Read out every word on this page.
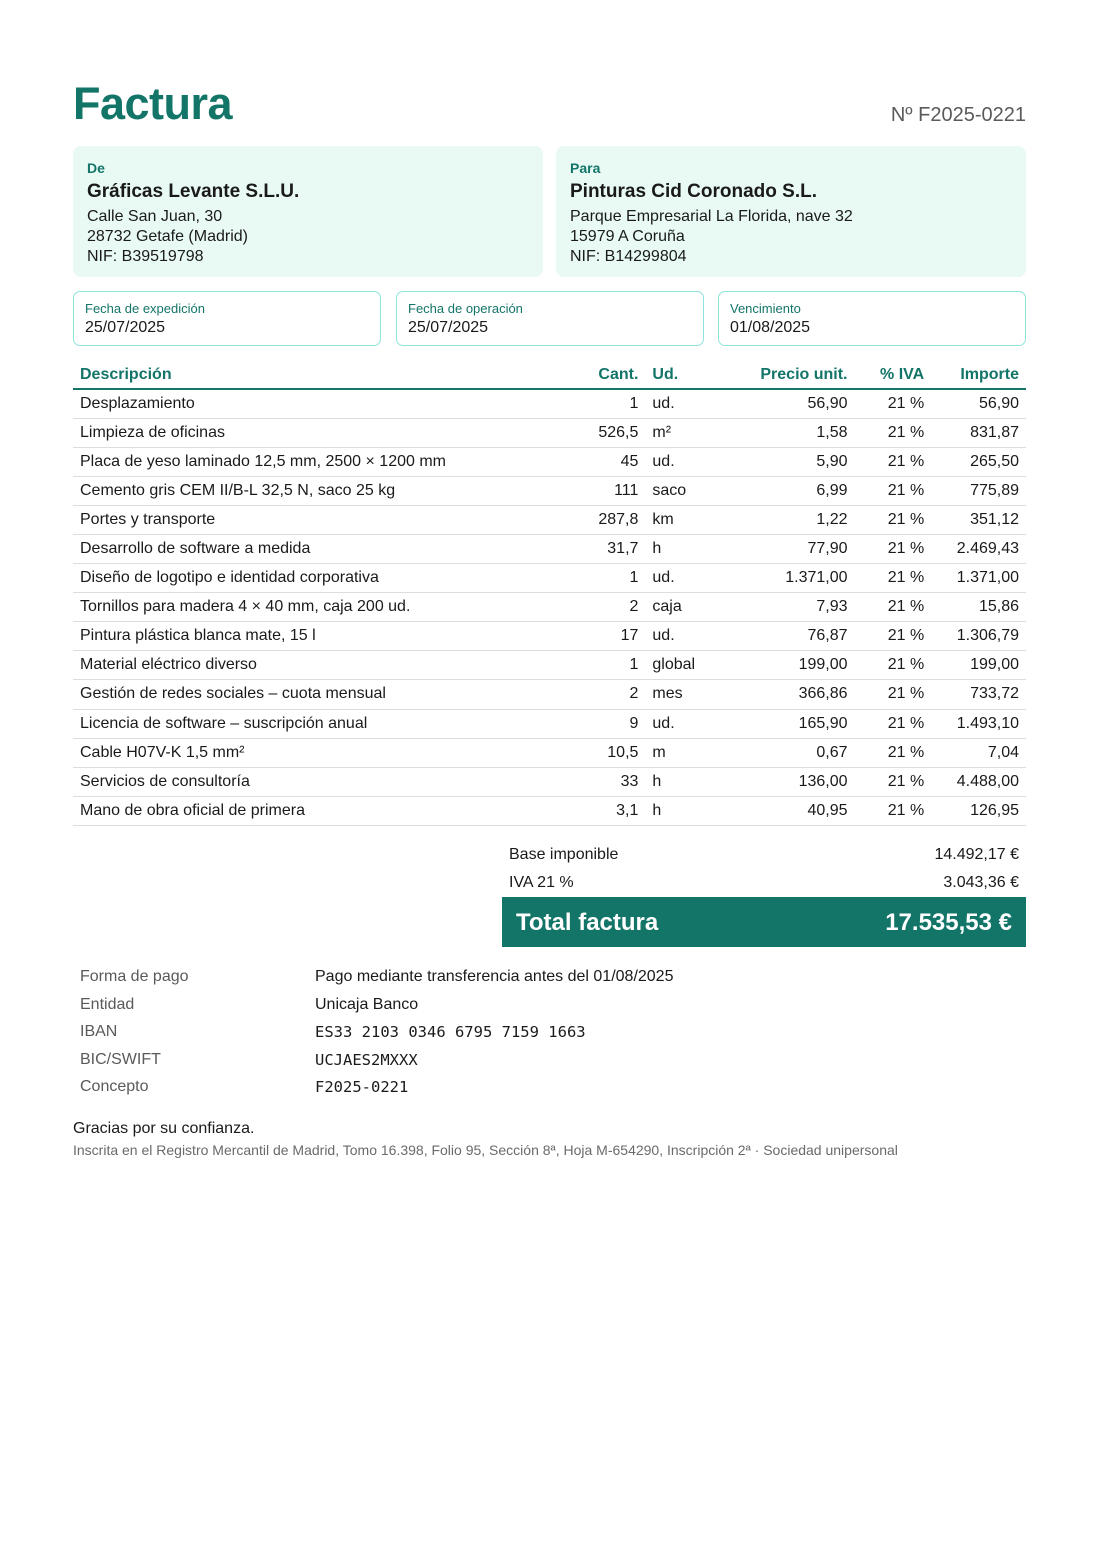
Factura	Nº F2025-0221
De
Gráficas Levante S.L.U.
Calle San Juan, 30
28732 Getafe (Madrid)
NIF: B39519798
Para
Pinturas Cid Coronado S.L.
Parque Empresarial La Florida, nave 32
15979 A Coruña
NIF: B14299804
Fecha de expedición
25/07/2025
Fecha de operación
25/07/2025
Vencimiento
01/08/2025
Descripción	Cant.	Ud.	Precio unit.	% IVA	Importe
Desplazamiento	1	ud.	56,90	21 %	56,90
Limpieza de oficinas	526,5	m²	1,58	21 %	831,87
Placa de yeso laminado 12,5 mm, 2500 × 1200 mm	45	ud.	5,90	21 %	265,50
Cemento gris CEM II/B-L 32,5 N, saco 25 kg	111	saco	6,99	21 %	775,89
Portes y transporte	287,8	km	1,22	21 %	351,12
Desarrollo de software a medida	31,7	h	77,90	21 %	2.469,43
Diseño de logotipo e identidad corporativa	1	ud.	1.371,00	21 %	1.371,00
Tornillos para madera 4 × 40 mm, caja 200 ud.	2	caja	7,93	21 %	15,86
Pintura plástica blanca mate, 15 l	17	ud.	76,87	21 %	1.306,79
Material eléctrico diverso	1	global	199,00	21 %	199,00
Gestión de redes sociales – cuota mensual	2	mes	366,86	21 %	733,72
Licencia de software – suscripción anual	9	ud.	165,90	21 %	1.493,10
Cable H07V-K 1,5 mm²	10,5	m	0,67	21 %	7,04
Servicios de consultoría	33	h	136,00	21 %	4.488,00
Mano de obra oficial de primera	3,1	h	40,95	21 %	126,95
Base imponible	14.492,17 €
IVA 21 %	3.043,36 €
Total factura	17.535,53 €
Forma de pago	Pago mediante transferencia antes del 01/08/2025
Entidad	Unicaja Banco
IBAN	ES33 2103 0346 6795 7159 1663
BIC/SWIFT	UCJAES2MXXX
Concepto	F2025-0221
Gracias por su confianza.
Inscrita en el Registro Mercantil de Madrid, Tomo 16.398, Folio 95, Sección 8ª, Hoja M-654290, Inscripción 2ª · Sociedad unipersonal
